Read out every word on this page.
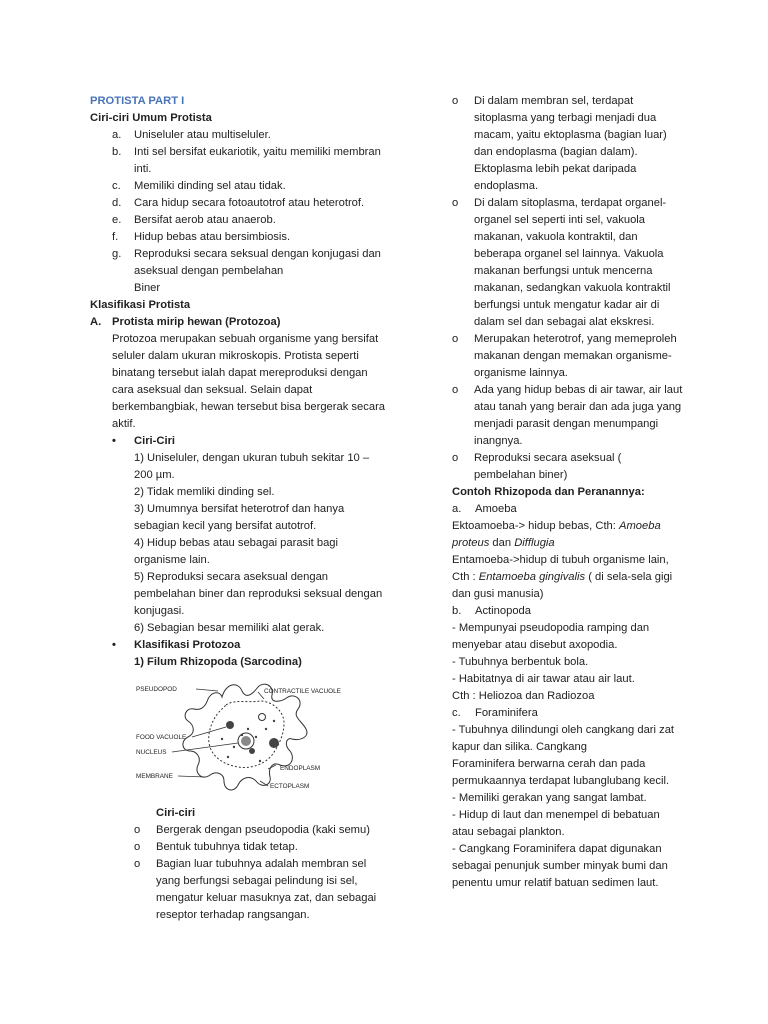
PROTISTA PART I
Ciri-ciri Umum Protista
a.	Uniseluler atau multiseluler.
b.	Inti sel bersifat eukariotik, yaitu memiliki membran inti.
c.	Memiliki dinding sel atau tidak.
d.	Cara hidup secara fotoautotrof atau heterotrof.
e.	Bersifat aerob atau anaerob.
f.	Hidup bebas atau bersimbiosis.
g.	Reproduksi secara seksual dengan konjugasi dan aseksual dengan pembelahan
Biner
Klasifikasi Protista
A. Protista mirip hewan (Protozoa)
Protozoa merupakan sebuah organisme yang bersifat seluler dalam ukuran mikroskopis. Protista seperti binatang tersebut ialah dapat mereproduksi dengan cara aseksual dan seksual. Selain dapat berkembangbiak, hewan tersebut bisa bergerak secara aktif.
•	Ciri-Ciri
1) Uniseluler, dengan ukuran tubuh sekitar 10 – 200 µm.
2) Tidak memliki dinding sel.
3) Umumnya bersifat heterotrof dan hanya sebagian kecil yang bersifat autotrof.
4) Hidup bebas atau sebagai parasit bagi organisme lain.
5) Reproduksi secara aseksual dengan pembelahan biner dan reproduksi seksual dengan konjugasi.
6) Sebagian besar memiliki alat gerak.
•	Klasifikasi Protozoa
1) Filum Rhizopoda (Sarcodina)
PSEUDOPOD	CONTRACTILE VACUOLE
FOOD VACUOLE
NUCLEUS
MEMBRANE
ENDOPLASM
ECTOPLASM
Ciri-ciri
o	Bergerak dengan pseudopodia (kaki semu)
o	Bentuk tubuhnya tidak tetap.
o	Bagian luar tubuhnya adalah membran sel yang berfungsi sebagai pelindung isi sel, mengatur keluar masuknya zat, dan sebagai reseptor terhadap rangsangan.
o	Di dalam membran sel, terdapat sitoplasma yang terbagi menjadi dua macam, yaitu ektoplasma (bagian luar) dan endoplasma (bagian dalam). Ektoplasma lebih pekat daripada endoplasma.
o	Di dalam sitoplasma, terdapat organel-organel sel seperti inti sel, vakuola makanan, vakuola kontraktil, dan beberapa organel sel lainnya. Vakuola makanan berfungsi untuk mencerna makanan, sedangkan vakuola kontraktil berfungsi untuk mengatur kadar air di dalam sel dan sebagai alat ekskresi.
o	Merupakan heterotrof, yang memeproleh makanan dengan memakan organisme-organisme lainnya.
o	Ada yang hidup bebas di air tawar, air laut atau tanah yang berair dan ada juga yang menjadi parasit dengan menumpangi inangnya.
o	Reproduksi secara aseksual ( pembelahan biner)
Contoh Rhizopoda dan Peranannya:
a.	Amoeba
Ektoamoeba-> hidup bebas, Cth: Amoeba proteus dan Difflugia
Entamoeba->hidup di tubuh organisme lain, Cth : Entamoeba gingivalis ( di sela-sela gigi dan gusi manusia)
b.	Actinopoda
- Mempunyai pseudopodia ramping dan menyebar atau disebut axopodia.
- Tubuhnya berbentuk bola.
- Habitatnya di air tawar atau air laut.
Cth : Heliozoa dan Radiozoa
c.	Foraminifera
- Tubuhnya dilindungi oleh cangkang dari zat kapur dan silika. Cangkang
Foraminifera berwarna cerah dan pada permukaannya terdapat lubanglubang kecil.
- Memiliki gerakan yang sangat lambat.
- Hidup di laut dan menempel di bebatuan atau sebagai plankton.
- Cangkang Foraminifera dapat digunakan sebagai penunjuk sumber minyak bumi dan penentu umur relatif batuan sedimen laut.
